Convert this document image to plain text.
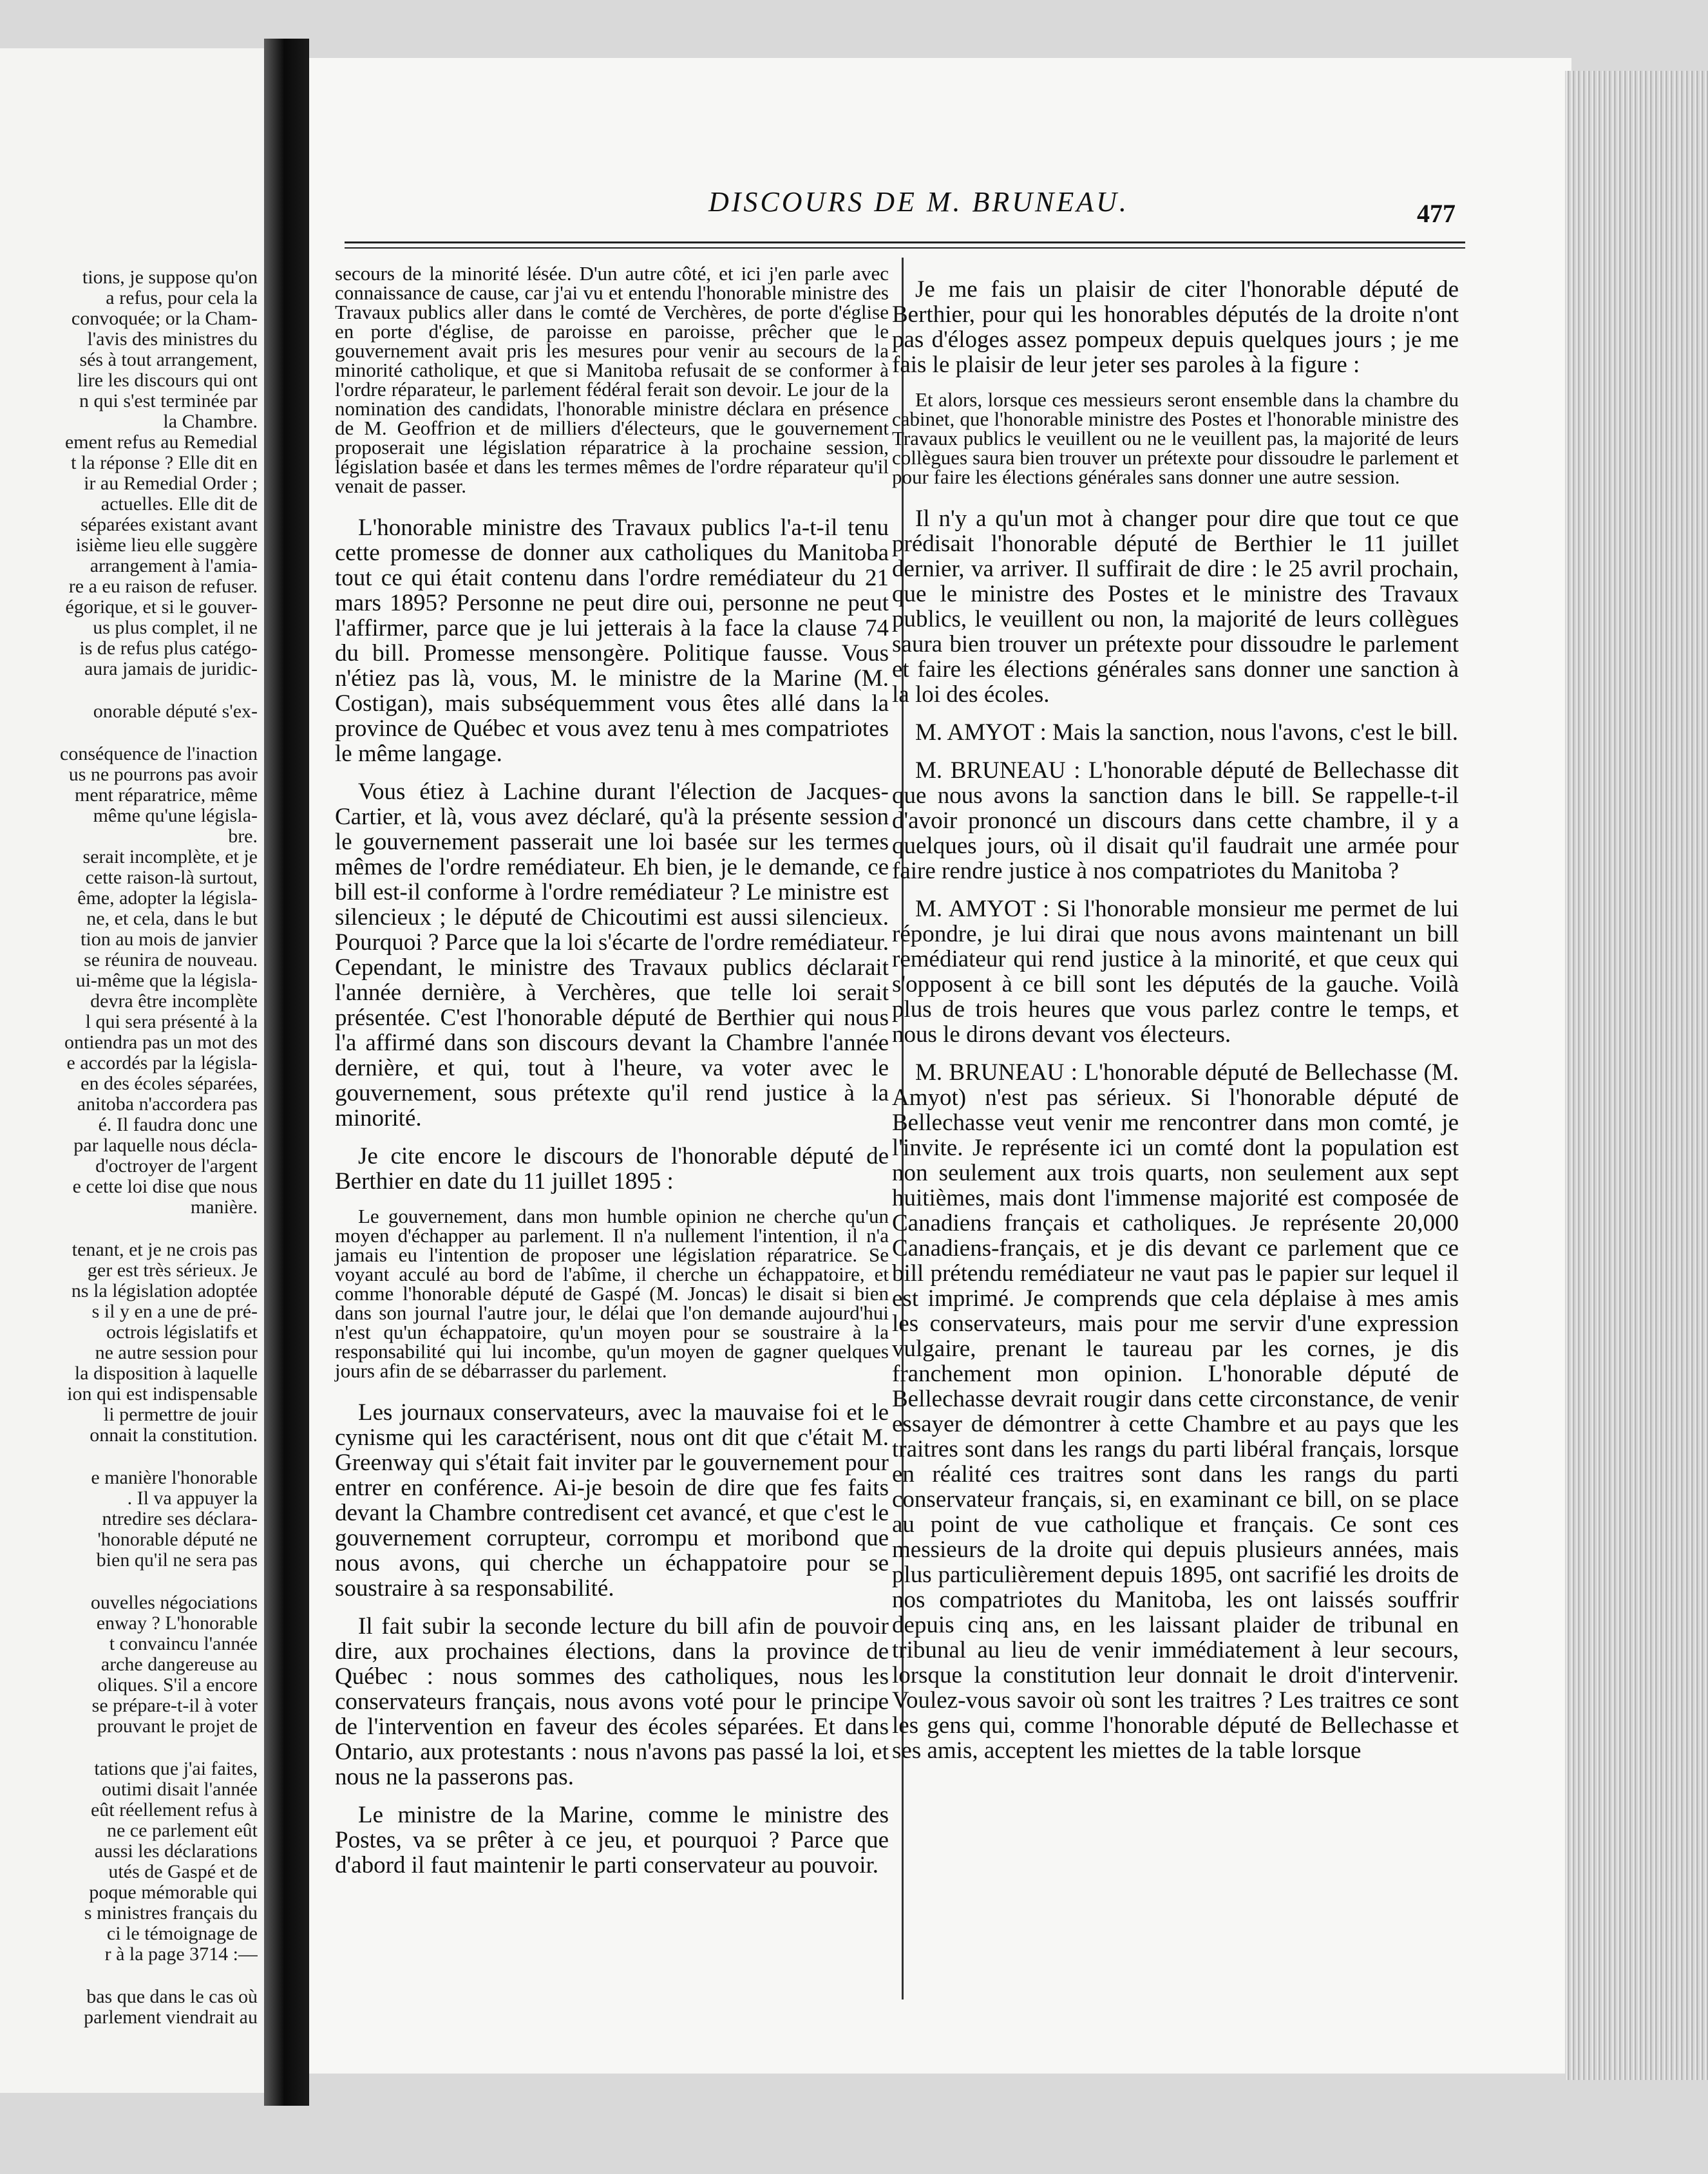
tions, je suppose qu'on
a refus, pour cela la
convoquée; or la Cham-
l'avis des ministres du
sés à tout arrangement,
lire les discours qui ont
n qui s'est terminée par
la Chambre.
ement refus au Remedial
t la réponse ? Elle dit en
ir au Remedial Order ;
actuelles. Elle dit de
séparées existant avant
isième lieu elle suggère
arrangement à l'amia-
re a eu raison de refuser.
égorique, et si le gouver-
us plus complet, il ne
is de refus plus catégo-
aura jamais de juridic-
onorable député s'ex-
conséquence de l'inaction
us ne pourrons pas avoir
ment réparatrice, même
même qu'une législa-
bre.
serait incomplète, et je
cette raison-là surtout,
ême, adopter la législa-
ne, et cela, dans le but
tion au mois de janvier
se réunira de nouveau.
ui-même que la législa-
devra être incomplète
l qui sera présenté à la
ontiendra pas un mot des
e accordés par la législa-
en des écoles séparées,
anitoba n'accordera pas
é. Il faudra donc une
par laquelle nous décla-
d'octroyer de l'argent
e cette loi dise que nous
manière.
tenant, et je ne crois pas
ger est très sérieux. Je
ns la législation adoptée
s il y en a une de pré-
octrois législatifs et
ne autre session pour
la disposition à laquelle
ion qui est indispensable
li permettre de jouir
onnait la constitution.
e manière l'honorable
. Il va appuyer la
ntredire ses déclara-
'honorable député ne
bien qu'il ne sera pas
ouvelles négociations
enway ? L'honorable
t convaincu l'année
arche dangereuse au
oliques. S'il a encore
se prépare-t-il à voter
prouvant le projet de
tations que j'ai faites,
outimi disait l'année
eût réellement refus à
ne ce parlement eût
aussi les déclarations
utés de Gaspé et de
poque mémorable qui
s ministres français du
ci le témoignage de
r à la page 3714 :—
bas que dans le cas où
parlement viendrait au
DISCOURS DE M. BRUNEAU.	477

secours de la minorité lésée. D'un autre côté, et ici j'en parle avec connaissance de cause, car j'ai vu et entendu l'honorable ministre des Travaux publics aller dans le comté de Verchères, de porte d'église en porte d'église, de paroisse en paroisse, prêcher que le gouvernement avait pris les mesures pour venir au secours de la minorité catholique, et que si Manitoba refusait de se conformer à l'ordre réparateur, le parlement fédéral ferait son devoir. Le jour de la nomination des candidats, l'honorable ministre déclara en présence de M. Geoffrion et de milliers d'électeurs, que le gouvernement proposerait une législation réparatrice à la prochaine session, législation basée et dans les termes mêmes de l'ordre réparateur qu'il venait de passer.

L'honorable ministre des Travaux publics l'a-t-il tenu cette promesse de donner aux catholiques du Manitoba tout ce qui était contenu dans l'ordre remédiateur du 21 mars 1895? Personne ne peut dire oui, personne ne peut l'affirmer, parce que je lui jetterais à la face la clause 74 du bill. Promesse mensongère. Politique fausse. Vous n'étiez pas là, vous, M. le ministre de la Marine (M. Costigan), mais subséquemment vous êtes allé dans la province de Québec et vous avez tenu à mes compatriotes le même langage.

Vous étiez à Lachine durant l'élection de Jacques-Cartier, et là, vous avez déclaré, qu'à la présente session le gouvernement passerait une loi basée sur les termes mêmes de l'ordre remédiateur. Eh bien, je le demande, ce bill est-il conforme à l'ordre remédiateur ? Le ministre est silencieux ; le député de Chicoutimi est aussi silencieux. Pourquoi ? Parce que la loi s'écarte de l'ordre remédiateur. Cependant, le ministre des Travaux publics déclarait l'année dernière, à Verchères, que telle loi serait présentée. C'est l'honorable député de Berthier qui nous l'a affirmé dans son discours devant la Chambre l'année dernière, et qui, tout à l'heure, va voter avec le gouvernement, sous prétexte qu'il rend justice à la minorité.

Je cite encore le discours de l'honorable député de Berthier en date du 11 juillet 1895 :

Le gouvernement, dans mon humble opinion ne cherche qu'un moyen d'échapper au parlement. Il n'a nullement l'intention, il n'a jamais eu l'intention de proposer une législation réparatrice. Se voyant acculé au bord de l'abîme, il cherche un échappatoire, et comme l'honorable député de Gaspé (M. Joncas) le disait si bien dans son journal l'autre jour, le délai que l'on demande aujourd'hui n'est qu'un échappatoire, qu'un moyen pour se soustraire à la responsabilité qui lui incombe, qu'un moyen de gagner quelques jours afin de se débarrasser du parlement.

Les journaux conservateurs, avec la mauvaise foi et le cynisme qui les caractérisent, nous ont dit que c'était M. Greenway qui s'était fait inviter par le gouvernement pour entrer en conférence. Ai-je besoin de dire que fes faits devant la Chambre contredisent cet avancé, et que c'est le gouvernement corrupteur, corrompu et moribond que nous avons, qui cherche un échappatoire pour se soustraire à sa responsabilité.

Il fait subir la seconde lecture du bill afin de pouvoir dire, aux prochaines élections, dans la province de Québec : nous sommes des catholiques, nous les conservateurs français, nous avons voté pour le principe de l'intervention en faveur des écoles séparées. Et dans Ontario, aux protestants : nous n'avons pas passé la loi, et nous ne la passerons pas.

Le ministre de la Marine, comme le ministre des Postes, va se prêter à ce jeu, et pourquoi ? Parce que d'abord il faut maintenir le parti conservateur au pouvoir.

Je me fais un plaisir de citer l'honorable député de Berthier, pour qui les honorables députés de la droite n'ont pas d'éloges assez pompeux depuis quelques jours ; je me fais le plaisir de leur jeter ses paroles à la figure :

Et alors, lorsque ces messieurs seront ensemble dans la chambre du cabinet, que l'honorable ministre des Postes et l'honorable ministre des Travaux publics le veuillent ou ne le veuillent pas, la majorité de leurs collègues saura bien trouver un prétexte pour dissoudre le parlement et pour faire les élections générales sans donner une autre session.

Il n'y a qu'un mot à changer pour dire que tout ce que prédisait l'honorable député de Berthier le 11 juillet dernier, va arriver. Il suffirait de dire : le 25 avril prochain, que le ministre des Postes et le ministre des Travaux publics, le veuillent ou non, la majorité de leurs collègues saura bien trouver un prétexte pour dissoudre le parlement et faire les élections générales sans donner une sanction à la loi des écoles.

M. AMYOT : Mais la sanction, nous l'avons, c'est le bill.

M. BRUNEAU : L'honorable député de Bellechasse dit que nous avons la sanction dans le bill. Se rappelle-t-il d'avoir prononcé un discours dans cette chambre, il y a quelques jours, où il disait qu'il faudrait une armée pour faire rendre justice à nos compatriotes du Manitoba ?

M. AMYOT : Si l'honorable monsieur me permet de lui répondre, je lui dirai que nous avons maintenant un bill remédiateur qui rend justice à la minorité, et que ceux qui s'opposent à ce bill sont les députés de la gauche. Voilà plus de trois heures que vous parlez contre le temps, et nous le dirons devant vos électeurs.

M. BRUNEAU : L'honorable député de Bellechasse (M. Amyot) n'est pas sérieux. Si l'honorable député de Bellechasse veut venir me rencontrer dans mon comté, je l'invite. Je représente ici un comté dont la population est non seulement aux trois quarts, non seulement aux sept huitièmes, mais dont l'immense majorité est composée de Canadiens français et catholiques. Je représente 20,000 Canadiens-français, et je dis devant ce parlement que ce bill prétendu remédiateur ne vaut pas le papier sur lequel il est imprimé. Je comprends que cela déplaise à mes amis les conservateurs, mais pour me servir d'une expression vulgaire, prenant le taureau par les cornes, je dis franchement mon opinion. L'honorable député de Bellechasse devrait rougir dans cette circonstance, de venir essayer de démontrer à cette Chambre et au pays que les traitres sont dans les rangs du parti libéral français, lorsque en réalité ces traitres sont dans les rangs du parti conservateur français, si, en examinant ce bill, on se place au point de vue catholique et français. Ce sont ces messieurs de la droite qui depuis plusieurs années, mais plus particulièrement depuis 1895, ont sacrifié les droits de nos compatriotes du Manitoba, les ont laissés souffrir depuis cinq ans, en les laissant plaider de tribunal en tribunal au lieu de venir immédiatement à leur secours, lorsque la constitution leur donnait le droit d'intervenir. Voulez-vous savoir où sont les traitres ? Les traitres ce sont les gens qui, comme l'honorable député de Bellechasse et ses amis, acceptent les miettes de la table lorsque
